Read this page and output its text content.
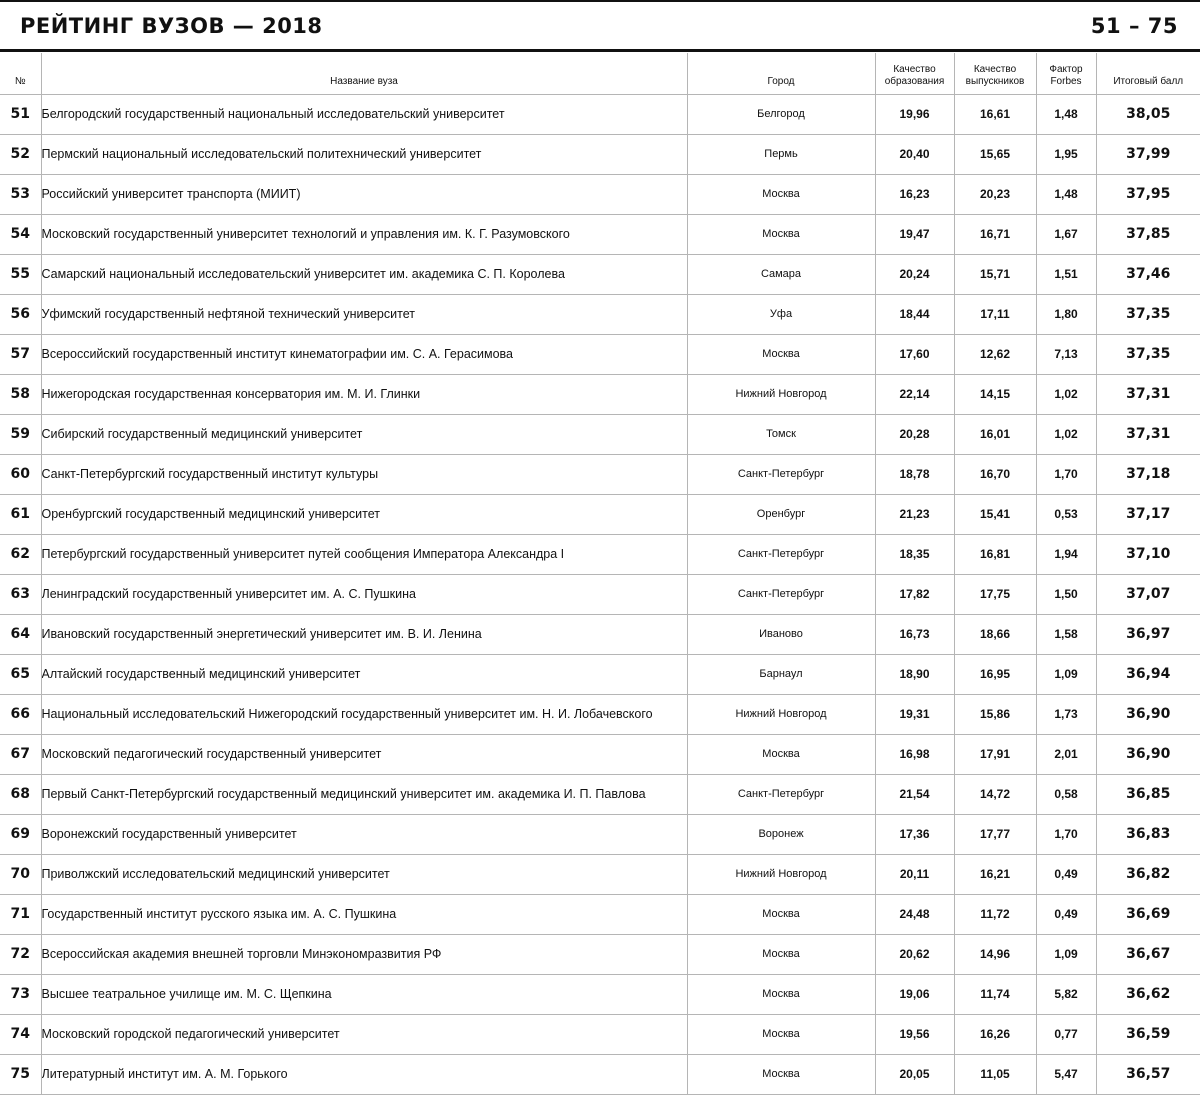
РЕЙТИНГ ВУЗОВ — 2018	51 – 75
№	Название вуза	Город	Качество образования	Качество выпускников	Фактор Forbes	Итоговый балл
51	Белгородский государственный национальный исследовательский университет	Белгород	19,96	16,61	1,48	38,05
52	Пермский национальный исследовательский политехнический университет	Пермь	20,40	15,65	1,95	37,99
53	Российский университет транспорта (МИИТ)	Москва	16,23	20,23	1,48	37,95
54	Московский государственный университет технологий и управления им. К. Г. Разумовского	Москва	19,47	16,71	1,67	37,85
55	Самарский национальный исследовательский университет им. академика С. П. Королева	Самара	20,24	15,71	1,51	37,46
56	Уфимский государственный нефтяной технический университет	Уфа	18,44	17,11	1,80	37,35
57	Всероссийский государственный институт кинематографии им. С. А. Герасимова	Москва	17,60	12,62	7,13	37,35
58	Нижегородская государственная консерватория им. М. И. Глинки	Нижний Новгород	22,14	14,15	1,02	37,31
59	Сибирский государственный медицинский университет	Томск	20,28	16,01	1,02	37,31
60	Санкт-Петербургский государственный институт культуры	Санкт-Петербург	18,78	16,70	1,70	37,18
61	Оренбургский государственный медицинский университет	Оренбург	21,23	15,41	0,53	37,17
62	Петербургский государственный университет путей сообщения Императора Александра I	Санкт-Петербург	18,35	16,81	1,94	37,10
63	Ленинградский государственный университет им. А. С. Пушкина	Санкт-Петербург	17,82	17,75	1,50	37,07
64	Ивановский государственный энергетический университет им. В. И. Ленина	Иваново	16,73	18,66	1,58	36,97
65	Алтайский государственный медицинский университет	Барнаул	18,90	16,95	1,09	36,94
66	Национальный исследовательский Нижегородский государственный университет им. Н. И. Лобачевского	Нижний Новгород	19,31	15,86	1,73	36,90
67	Московский педагогический государственный университет	Москва	16,98	17,91	2,01	36,90
68	Первый Санкт-Петербургский государственный медицинский университет им. академика И. П. Павлова	Санкт-Петербург	21,54	14,72	0,58	36,85
69	Воронежский государственный университет	Воронеж	17,36	17,77	1,70	36,83
70	Приволжский исследовательский медицинский университет	Нижний Новгород	20,11	16,21	0,49	36,82
71	Государственный институт русского языка им. А. С. Пушкина	Москва	24,48	11,72	0,49	36,69
72	Всероссийская академия внешней торговли Минэкономразвития РФ	Москва	20,62	14,96	1,09	36,67
73	Высшее театральное училище им. М. С. Щепкина	Москва	19,06	11,74	5,82	36,62
74	Московский городской педагогический университет	Москва	19,56	16,26	0,77	36,59
75	Литературный институт им. А. М. Горького	Москва	20,05	11,05	5,47	36,57
